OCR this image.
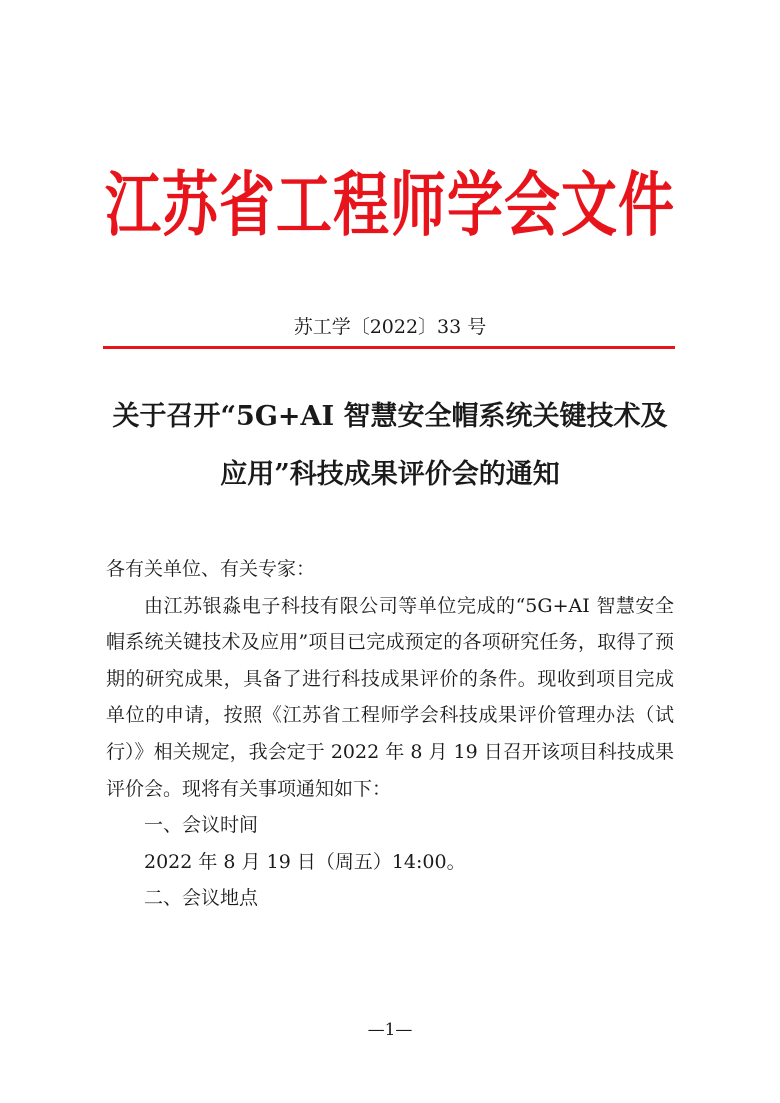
江苏省工程师学会文件
苏工学〔2022〕33 号
关于召开“5G+AI 智慧安全帽系统关键技术及
应用”科技成果评价会的通知

各有关单位、有关专家：

由江苏银淼电子科技有限公司等单位完成的“5G+AI 智慧安全帽系统关键技术及应用”项目已完成预定的各项研究任务，取得了预期的研究成果，具备了进行科技成果评价的条件。现收到项目完成单位的申请，按照《江苏省工程师学会科技成果评价管理办法（试行）》相关规定，我会定于 2022 年 8 月 19 日召开该项目科技成果评价会。现将有关事项通知如下：

一、会议时间

2022 年 8 月 19 日（周五）14:00。

二、会议地点

—1—
